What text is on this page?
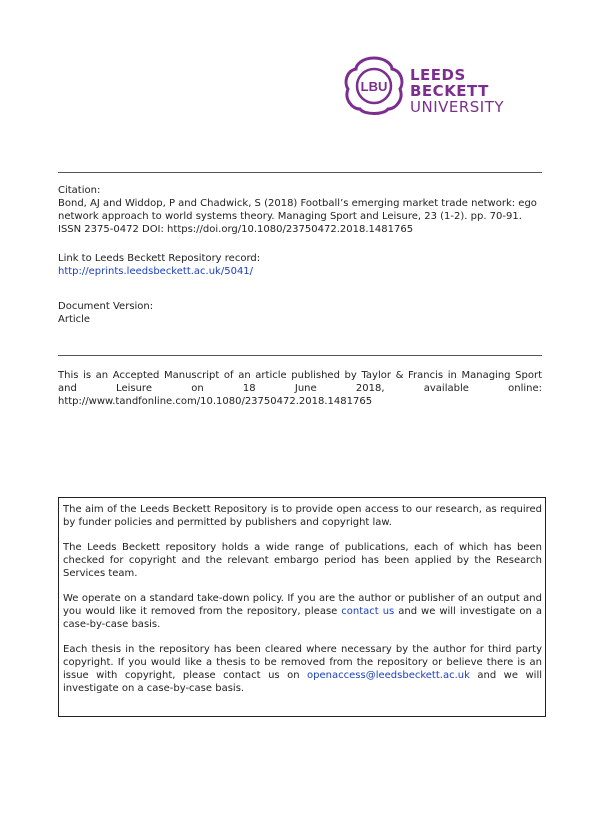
LBU
LEEDS
BECKETT
UNIVERSITY

Citation:

Bond, AJ and Widdop, P and Chadwick, S (2018) Football’s emerging market trade network: ego network approach to world systems theory. Managing Sport and Leisure, 23 (1-2). pp. 70-91. ISSN 2375-0472 DOI: https://doi.org/10.1080/23750472.2018.1481765

Link to Leeds Beckett Repository record:

http://eprints.leedsbeckett.ac.uk/5041/

Document Version:

Article

This is an Accepted Manuscript of an article published by Taylor & Francis in Managing Sport and Leisure on 18 June 2018, available online: http://www.tandfonline.com/10.1080/23750472.2018.1481765

The aim of the Leeds Beckett Repository is to provide open access to our research, as required by funder policies and permitted by publishers and copyright law.

The Leeds Beckett repository holds a wide range of publications, each of which has been checked for copyright and the relevant embargo period has been applied by the Research Services team.

We operate on a standard take-down policy. If you are the author or publisher of an output and you would like it removed from the repository, please contact us and we will investigate on a case-by-case basis.

Each thesis in the repository has been cleared where necessary by the author for third party copyright. If you would like a thesis to be removed from the repository or believe there is an issue with copyright, please contact us on openaccess@leedsbeckett.ac.uk and we will investigate on a case-by-case basis.
